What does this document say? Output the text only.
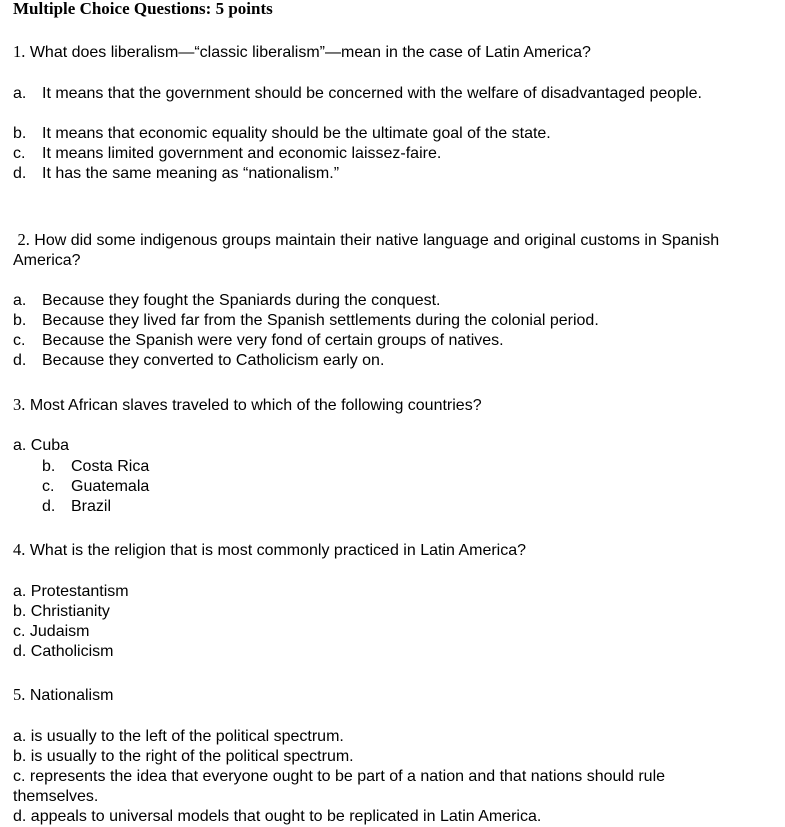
Multiple Choice Questions: 5 points
1. What does liberalism—“classic liberalism”—mean in the case of Latin America?
a. It means that the government should be concerned with the welfare of disadvantaged people.
b. It means that economic equality should be the ultimate goal of the state.
c. It means limited government and economic laissez-faire.
d. It has the same meaning as “nationalism.”
2. How did some indigenous groups maintain their native language and original customs in Spanish America?
a. Because they fought the Spaniards during the conquest.
b. Because they lived far from the Spanish settlements during the colonial period.
c. Because the Spanish were very fond of certain groups of natives.
d. Because they converted to Catholicism early on.
3. Most African slaves traveled to which of the following countries?
a. Cuba
b. Costa Rica
c. Guatemala
d. Brazil
4. What is the religion that is most commonly practiced in Latin America?
a. Protestantism
b. Christianity
c. Judaism
d. Catholicism
5. Nationalism
a. is usually to the left of the political spectrum.
b. is usually to the right of the political spectrum.
c. represents the idea that everyone ought to be part of a nation and that nations should rule themselves.
d. appeals to universal models that ought to be replicated in Latin America.
